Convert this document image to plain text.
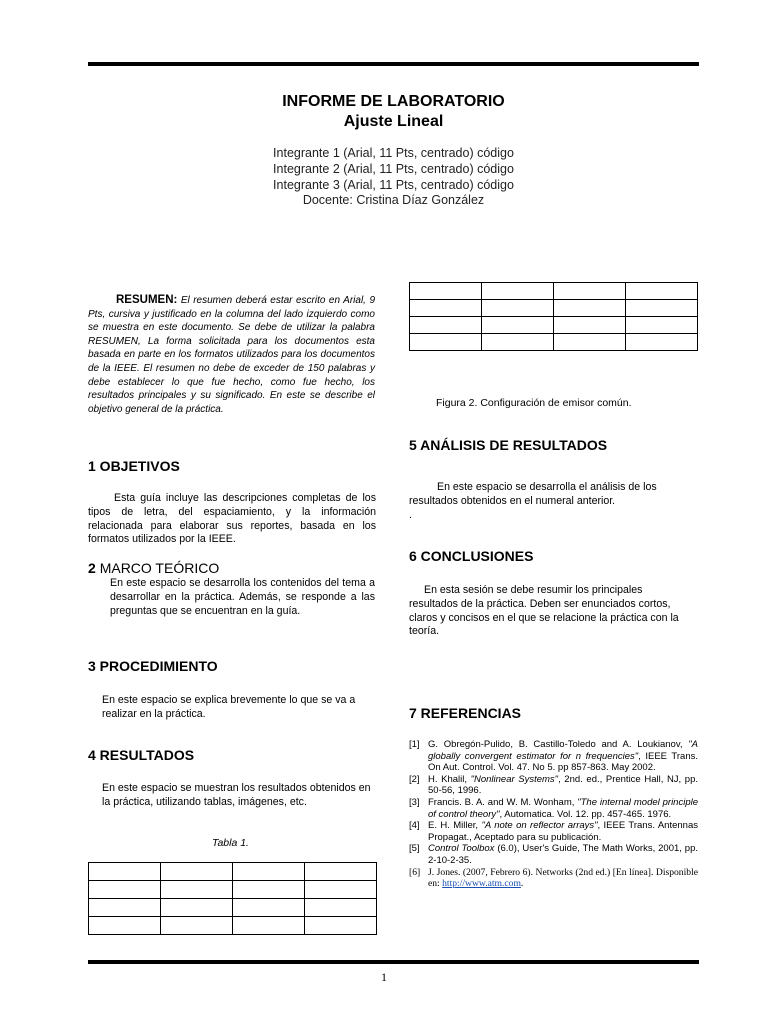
INFORME DE LABORATORIO
Ajuste Lineal
Integrante 1 (Arial, 11 Pts, centrado) código
Integrante 2 (Arial, 11 Pts, centrado) código
Integrante 3 (Arial, 11 Pts, centrado) código
Docente: Cristina Díaz González
RESUMEN: El resumen deberá estar escrito en Arial, 9 Pts, cursiva y justificado en la columna del lado izquierdo como se muestra en este documento. Se debe de utilizar la palabra RESUMEN, La forma solicitada para los documentos esta basada en parte en los formatos utilizados para los documentos de la IEEE. El resumen no debe de exceder de 150 palabras y debe establecer lo que fue hecho, como fue hecho, los resultados principales y su significado. En este se describe el objetivo general de la práctica.
1 OBJETIVOS
Esta guía incluye las descripciones completas de los tipos de letra, del espaciamiento, y la información relacionada para elaborar sus reportes, basada en los formatos utilizados por la IEEE.
2 MARCO TEÓRICO
En este espacio se desarrolla los contenidos del tema a desarrollar en la práctica. Además, se responde a las preguntas que se encuentran en la guía.
3 PROCEDIMIENTO
En este espacio se explica brevemente lo que se va a realizar en la práctica.
4 RESULTADOS
En este espacio se muestran los resultados obtenidos en la práctica, utilizando tablas, imágenes, etc.
Tabla 1.

Figura 2. Configuración de emisor común.
5 ANÁLISIS DE RESULTADOS
En este espacio se desarrolla el análisis de los resultados obtenidos en el numeral anterior.
.
6 CONCLUSIONES
En esta sesión se debe resumir los principales resultados de la práctica. Deben ser enunciados cortos, claros y concisos en el que se relacione la práctica con la teoría.
7 REFERENCIAS
[1] G. Obregón-Pulido, B. Castillo-Toledo and A. Loukianov, "A globally convergent estimator for n frequencies", IEEE Trans. On Aut. Control. Vol. 47. No 5. pp 857-863. May 2002.
[2] H. Khalil, "Nonlinear Systems", 2nd. ed., Prentice Hall, NJ, pp. 50-56, 1996.
[3] Francis. B. A. and W. M. Wonham, "The internal model principle of control theory", Automatica. Vol. 12. pp. 457-465. 1976.
[4] E. H. Miller, "A note on reflector arrays", IEEE Trans. Antennas Propagat., Aceptado para su publicación.
[5] Control Toolbox (6.0), User's Guide, The Math Works, 2001, pp. 2-10-2-35.
[6] J. Jones. (2007, Febrero 6). Networks (2nd ed.) [En línea]. Disponible en: http://www.atm.com.
1
